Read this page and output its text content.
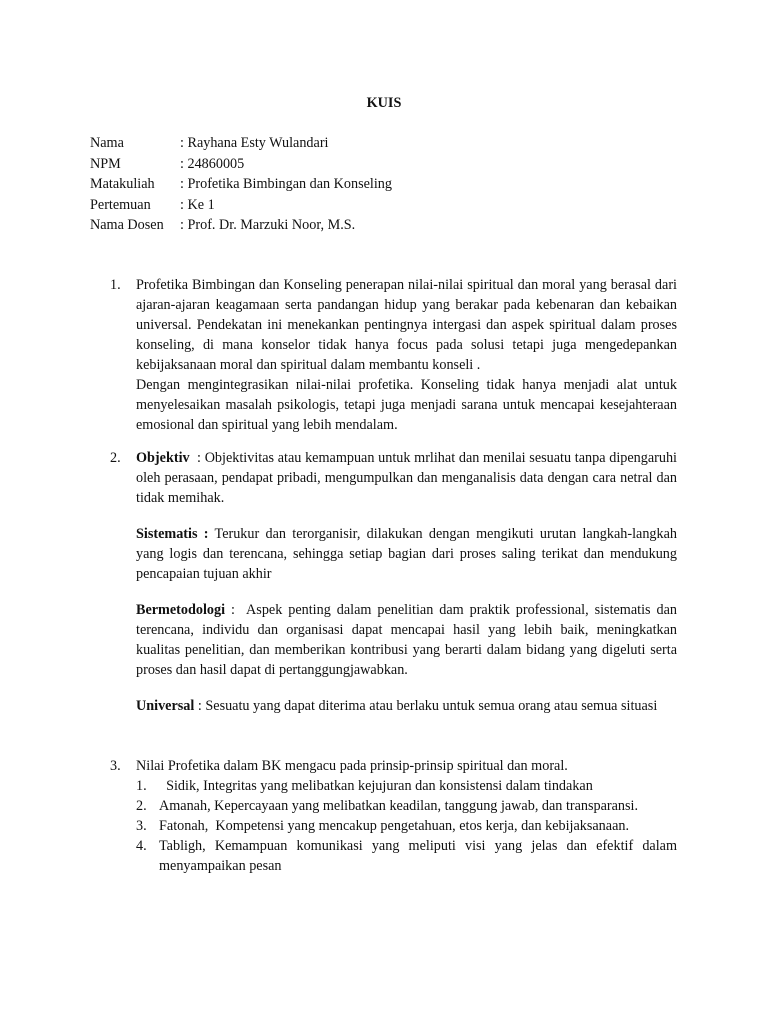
KUIS
Nama	: Rayhana Esty Wulandari
NPM	: 24860005
Matakuliah	: Profetika Bimbingan dan Konseling
Pertemuan	: Ke 1
Nama Dosen	: Prof. Dr. Marzuki Noor, M.S.
1.	Profetika Bimbingan dan Konseling penerapan nilai-nilai spiritual dan moral yang berasal dari ajaran-ajaran keagamaan serta pandangan hidup yang berakar pada kebenaran dan kebaikan universal. Pendekatan ini menekankan pentingnya intergasi dan aspek spiritual dalam proses konseling, di mana konselor tidak hanya focus pada solusi tetapi juga mengedepankan kebijaksanaan moral dan spiritual dalam membantu konseli .

Dengan mengintegrasikan nilai-nilai profetika. Konseling tidak hanya menjadi alat untuk menyelesaikan masalah psikologis, tetapi juga menjadi sarana untuk mencapai kesejahteraan emosional dan spiritual yang lebih mendalam.

2.	Objektiv  : Objektivitas atau kemampuan untuk mrlihat dan menilai sesuatu tanpa dipengaruhi oleh perasaan, pendapat pribadi, mengumpulkan dan menganalisis data dengan cara netral dan tidak memihak.
Sistematis : Terukur dan terorganisir, dilakukan dengan mengikuti urutan langkah-langkah yang logis dan terencana, sehingga setiap bagian dari proses saling terikat dan mendukung pencapaian tujuan akhir
Bermetodologi :  Aspek penting dalam penelitian dam praktik professional, sistematis dan terencana, individu dan organisasi dapat mencapai hasil yang lebih baik, meningkatkan kualitas penelitian, dan memberikan kontribusi yang berarti dalam bidang yang digeluti serta proses dan hasil dapat di pertanggungjawabkan.
Universal : Sesuatu yang dapat diterima atau berlaku untuk semua orang atau semua situasi
3.	Nilai Profetika dalam BK mengacu pada prinsip-prinsip spiritual dan moral.

1. Sidik, Integritas yang melibatkan kejujuran dan konsistensi dalam tindakan
2. Amanah, Kepercayaan yang melibatkan keadilan, tanggung jawab, dan transparansi.
3. Fatonah,  Kompetensi yang mencakup pengetahuan, etos kerja, dan kebijaksanaan.
4. Tabligh, Kemampuan komunikasi yang meliputi visi yang jelas dan efektif dalam menyampaikan pesan
